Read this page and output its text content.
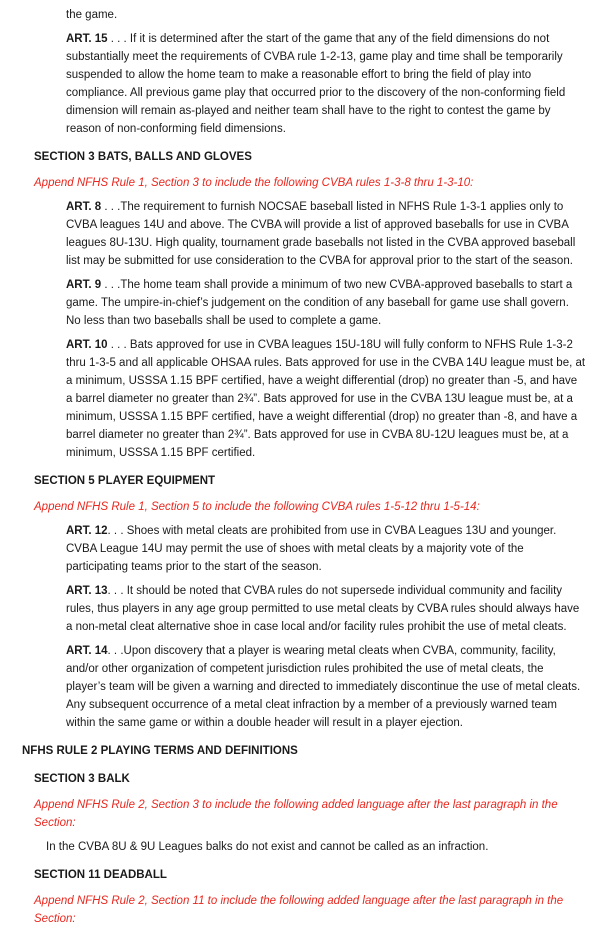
the game.

ART. 15 . . . If it is determined after the start of the game that any of the field dimensions do not substantially meet the requirements of CVBA rule 1-2-13, game play and time shall be temporarily suspended to allow the home team to make a reasonable effort to bring the field of play into compliance. All previous game play that occurred prior to the discovery of the non-conforming field dimension will remain as-played and neither team shall have to the right to contest the game by reason of non-conforming field dimensions.

SECTION 3 BATS, BALLS AND GLOVES

Append NFHS Rule 1, Section 3 to include the following CVBA rules 1-3-8 thru 1-3-10:

ART. 8 . . .The requirement to furnish NOCSAE baseball listed in NFHS Rule 1-3-1 applies only to CVBA leagues 14U and above. The CVBA will provide a list of approved baseballs for use in CVBA leagues 8U-13U. High quality, tournament grade baseballs not listed in the CVBA approved baseball list may be submitted for use consideration to the CVBA for approval prior to the start of the season.

ART. 9 . . .The home team shall provide a minimum of two new CVBA-approved baseballs to start a game. The umpire-in-chief’s judgement on the condition of any baseball for game use shall govern. No less than two baseballs shall be used to complete a game.

ART. 10 . . . Bats approved for use in CVBA leagues 15U-18U will fully conform to NFHS Rule 1-3-2 thru 1-3-5 and all applicable OHSAA rules. Bats approved for use in the CVBA 14U league must be, at a minimum, USSSA 1.15 BPF certified, have a weight differential (drop) no greater than -5, and have a barrel diameter no greater than 2¾”. Bats approved for use in the CVBA 13U league must be, at a minimum, USSSA 1.15 BPF certified, have a weight differential (drop) no greater than -8, and have a barrel diameter no greater than 2¾”. Bats approved for use in CVBA 8U-12U leagues must be, at a minimum, USSSA 1.15 BPF certified.

SECTION 5 PLAYER EQUIPMENT

Append NFHS Rule 1, Section 5 to include the following CVBA rules 1-5-12 thru 1-5-14:

ART. 12. . . Shoes with metal cleats are prohibited from use in CVBA Leagues 13U and younger. CVBA League 14U may permit the use of shoes with metal cleats by a majority vote of the participating teams prior to the start of the season.

ART. 13. . . It should be noted that CVBA rules do not supersede individual community and facility rules, thus players in any age group permitted to use metal cleats by CVBA rules should always have a non-metal cleat alternative shoe in case local and/or facility rules prohibit the use of metal cleats.

ART. 14. . .Upon discovery that a player is wearing metal cleats when CVBA, community, facility, and/or other organization of competent jurisdiction rules prohibited the use of metal cleats, the player’s team will be given a warning and directed to immediately discontinue the use of metal cleats. Any subsequent occurrence of a metal cleat infraction by a member of a previously warned team within the same game or within a double header will result in a player ejection.

NFHS RULE 2 PLAYING TERMS AND DEFINITIONS

SECTION 3 BALK

Append NFHS Rule 2, Section 3 to include the following added language after the last paragraph in the Section:

In the CVBA 8U & 9U Leagues balks do not exist and cannot be called as an infraction.

SECTION 11 DEADBALL

Append NFHS Rule 2, Section 11 to include the following added language after the last paragraph in the Section:
